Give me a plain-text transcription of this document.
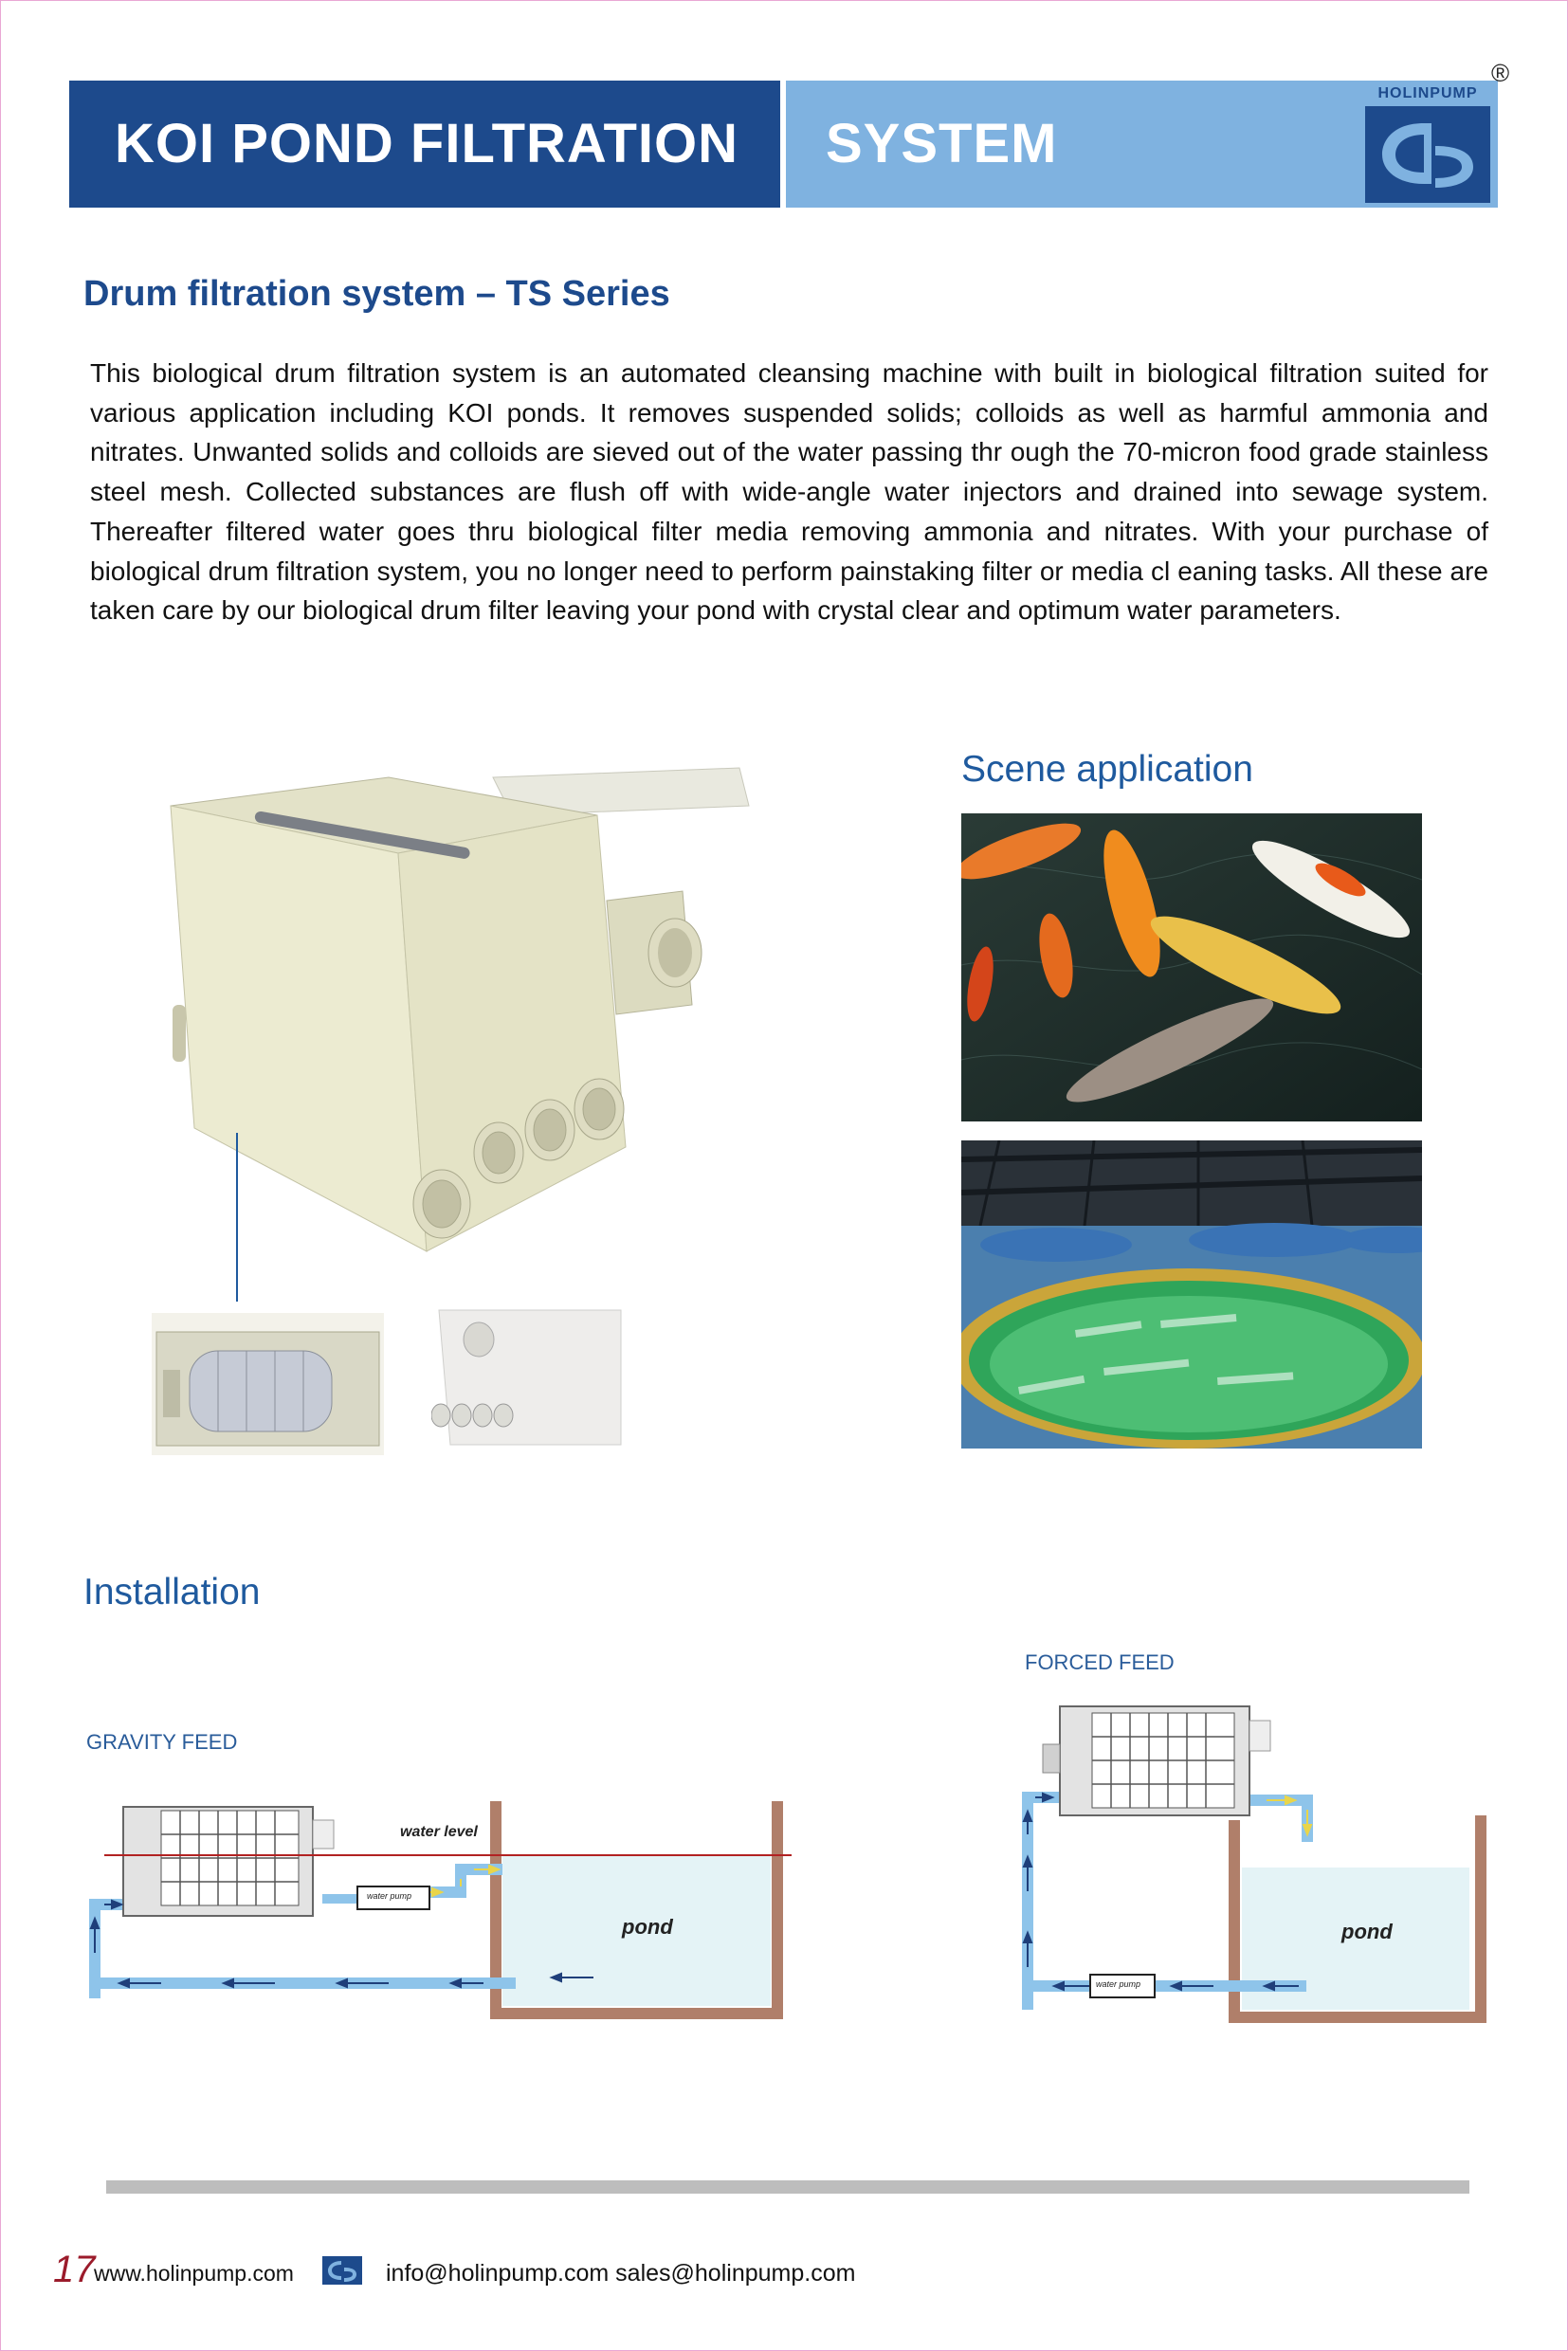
KOI POND FILTRATION SYSTEM
®
HOLINPUMP
Drum filtration system – TS Series
This biological drum filtration system is an automated cleansing machine with built in biological filtration suited for various application including KOI ponds. It removes suspended solids; colloids as well as harmful ammonia and nitrates. Unwanted solids and colloids are sieved out of the water passing thr ough the 70-micron food grade stainless steel mesh. Collected substances are flush off with wide-angle water injectors and drained into sewage system. Thereafter filtered water goes thru biological filter media removing ammonia and nitrates. With your purchase of biological drum filtration system, you no longer need to perform painstaking filter or media cl eaning tasks. All these are taken care by our biological drum filter leaving your pond with crystal clear and optimum water parameters.
Scene application
Installation
GRAVITY FEED
FORCED FEED
water level
water pump
pond
water pump
pond
17
www.holinpump.com	info@holinpump.com sales@holinpump.com
